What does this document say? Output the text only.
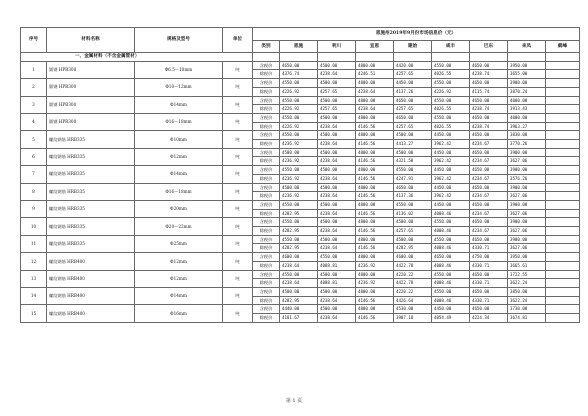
序号	材料名称	规格及型号	单位	恩施州2019年9月份市场信息价（元）								
				类别	恩施	利川	宣恩	建始	咸丰	巴东	来凤	鹤峰
一、金属材料（不含金属管材）												
1	圆钢 HPB300	Φ6.5～10mm	吨	含税价	4650.00	4500.00	4800.00	4420.00	4550.00	4650.00	3950.00	
				除税价	4376.74	4238.64	4246.51	4257.65	4026.55	4238.74	3655.00	
2	圆钢 HPB300	Φ10～12mm	吨	含税价	4550.00	4500.00	4800.00	4450.00	4550.00	4650.00	3900.00	
				除税价	4226.92	4257.65	4238.64	4137.26	4226.92	4115.74	3870.24	
3	圆钢 HPB300	Φ14mm	吨	含税价	4550.00	4500.00	4800.00	4650.00	4550.00	4650.00	4000.00	
				除税价	4226.92	4257.65	4238.64	4257.65	4026.55	4238.74	3913.43	
4	圆钢 HPB300	Φ16～18mm	吨	含税价	4550.00	4500.00	4800.00	4650.00	4550.00	4650.00	4000.00	
				除税价	4226.92	4238.64	4146.56	4257.65	4026.55	4238.74	3963.27	
5	螺纹钢筋 HRB335	Φ10mm	吨	含税价	4550.00	4500.00	4800.00	4500.00	4450.00	4650.00	3830.00	
				除税价	4236.92	4238.64	4146.56	4413.27	3962.42	4234.67	3770.26	
6	螺纹钢筋 HRB335	Φ12mm	吨	含税价	4500.00	4500.00	4800.00	4500.00	4450.00	4650.00	3900.00	
				除税价	4236.92	4238.64	4146.56	4321.50	3962.42	4234.67	3627.06	
7	螺纹钢筋 HRB335	Φ14mm	吨	含税价	4550.00	4500.00	4800.00	4550.00	4450.00	4650.00	3900.00	
				除税价	4236.92	4238.64	4146.56	4247.91	3962.42	4234.67	3576.26	
8	螺纹钢筋 HRB335	Φ16～18mm	吨	含税价	4500.00	4500.00	4800.00	4650.00	4450.00	4650.00	3900.00	
				除税价	4236.92	4238.64	4146.56	4137.36	3962.42	4234.67	3627.06	
9	螺纹钢筋 HRB335	Φ20mm	吨	含税价	4550.00	4500.00	4800.00	4550.00	4450.00	4650.00	3900.00	
				除税价	4282.95	4238.64	4146.56	4136.02	4008.46	4234.67	3627.06	
10	螺纹钢筋 HRB335	Φ20～22mm	吨	含税价	4550.00	4500.00	4800.00	4500.00	4550.00	4650.00	3900.00	
				除税价	4282.95	4238.64	4146.56	4257.65	4008.46	4234.67	3627.06	
11	螺纹钢筋 HRB335	Φ25mm	吨	含税价	4550.00	4500.00	4800.00	4500.00	4550.00	4650.00	3900.00	
				除税价	4282.95	4238.64	4146.56	4282.95	4008.46	4330.71	3627.06	
12	螺纹钢筋 HRB400	Φ12mm	吨	含税价	4600.00	4550.00	4800.00	4600.00	4650.00	4750.00	3950.00	
				除税价	4238.64	4088.81	4236.92	4422.78	4008.46	4330.71	3665.61	
13	螺纹钢筋 HRB400	Φ12mm	吨	含税价	4550.00	4500.00	4800.00	4220.22	4550.00	4650.00	3722.55	
				除税价	4238.64	4088.81	4236.92	4422.78	4008.46	4330.71	3622.24	
14	螺纹钢筋 HRB400	Φ14mm	吨	含税价	4500.00	4500.00	4800.00	4220.22	4550.00	4650.00	3850.00	
				除税价	4282.95	4238.64	4146.56	4426.64	4008.46	4330.71	3622.24	
15	螺纹钢筋 HRB400	Φ16mm	吨	含税价	4440.00	4500.00	4800.00	4530.00	4450.00	4650.00	3730.00	
				除税价	4181.67	4238.64	4146.56	3907.18	4054.49	4224.34	3674.81	
第 1 页
